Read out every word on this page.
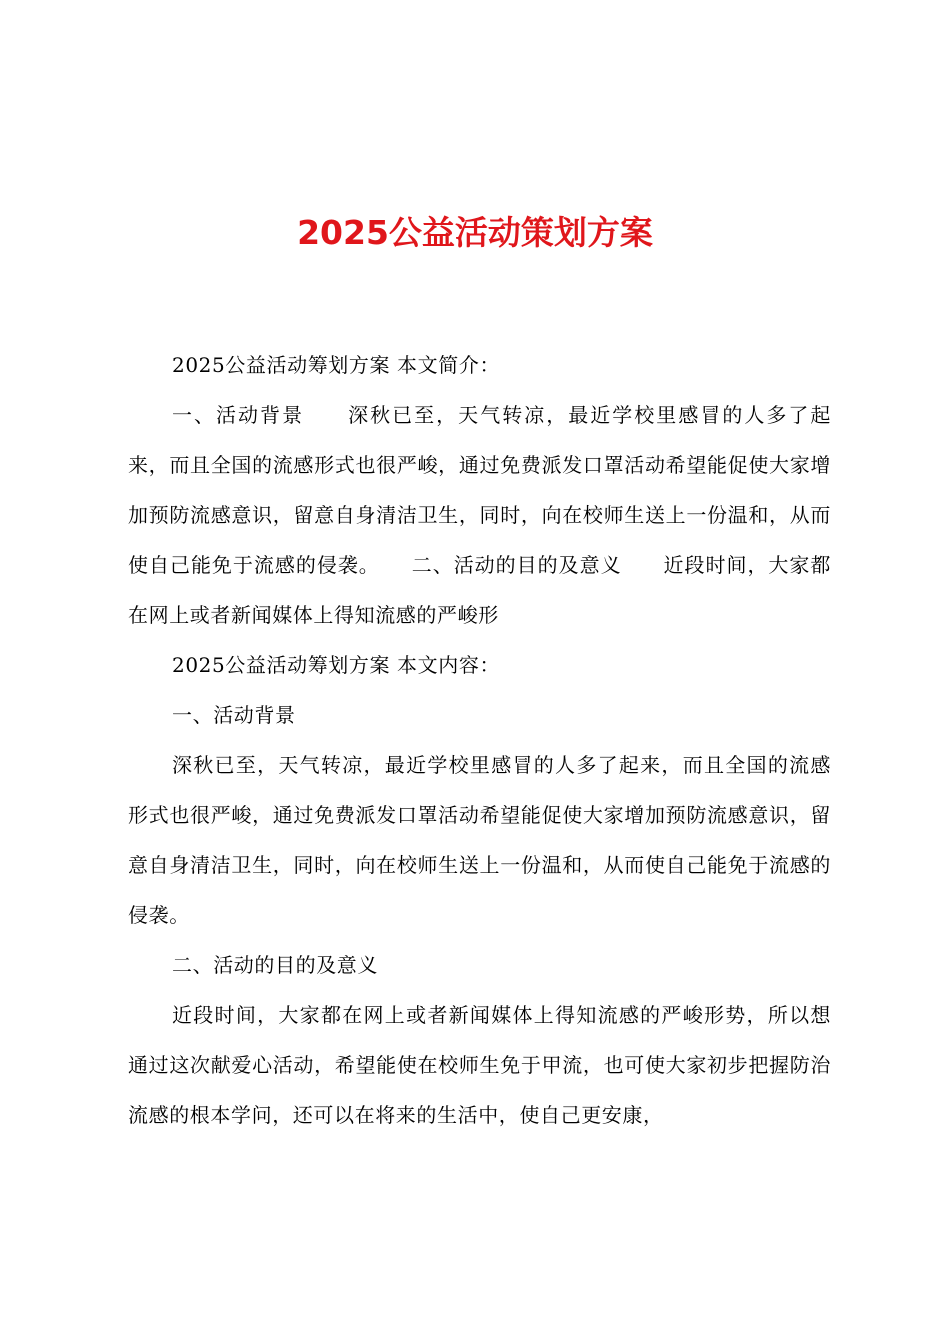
2025公益活动策划方案

2025公益活动筹划方案 本文简介：

一、活动背景　　深秋已至，天气转凉，最近学校里感冒的人多了起来，而且全国的流感形式也很严峻，通过免费派发口罩活动希望能促使大家增加预防流感意识，留意自身清洁卫生，同时，向在校师生送上一份温和，从而使自己能免于流感的侵袭。　　二、活动的目的及意义　　近段时间，大家都在网上或者新闻媒体上得知流感的严峻形

2025公益活动筹划方案 本文内容：

一、活动背景

深秋已至，天气转凉，最近学校里感冒的人多了起来，而且全国的流感形式也很严峻，通过免费派发口罩活动希望能促使大家增加预防流感意识，留意自身清洁卫生，同时，向在校师生送上一份温和，从而使自己能免于流感的侵袭。

二、活动的目的及意义

近段时间，大家都在网上或者新闻媒体上得知流感的严峻形势，所以想通过这次献爱心活动，希望能使在校师生免于甲流，也可使大家初步把握防治流感的根本学问，还可以在将来的生活中，使自己更安康，
